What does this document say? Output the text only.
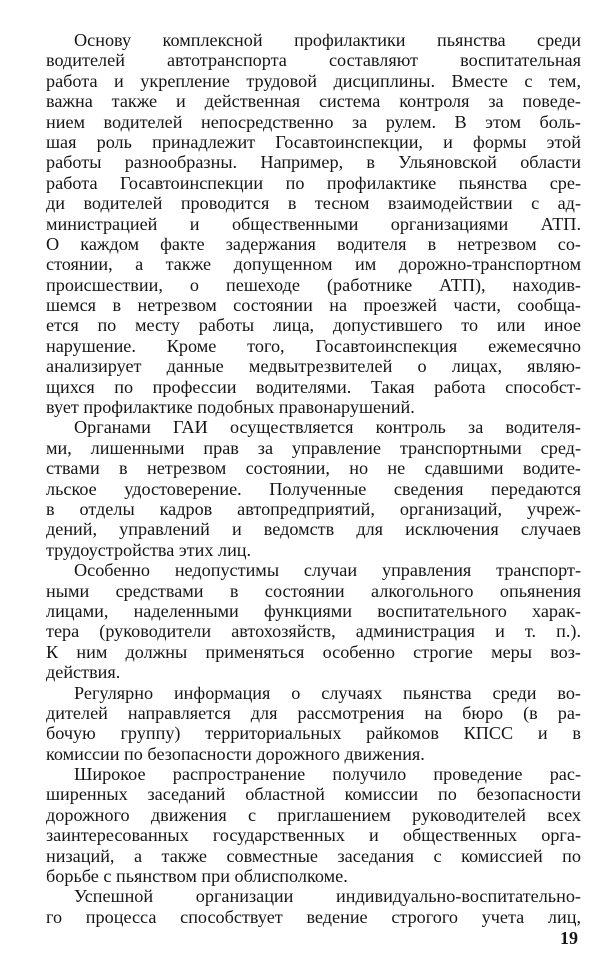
Основу комплексной профилактики пьянства среди
водителей автотранспорта составляют воспитательная
работа и укрепление трудовой дисциплины. Вместе с тем,
важна также и действенная система контроля за поведе-
нием водителей непосредственно за рулем. В этом боль-
шая роль принадлежит Госавтоинспекции, и формы этой
работы разнообразны. Например, в Ульяновской области
работа Госавтоинспекции по профилактике пьянства сре-
ди водителей проводится в тесном взаимодействии с ад-
министрацией и общественными организациями АТП.
О каждом факте задержания водителя в нетрезвом со-
стоянии, а также допущенном им дорожно-транспортном
происшествии, о пешеходе (работнике АТП), находив-
шемся в нетрезвом состоянии на проезжей части, сообща-
ется по месту работы лица, допустившего то или иное
нарушение. Кроме того, Госавтоинспекция ежемесячно
анализирует данные медвытрезвителей о лицах, являю-
щихся по профессии водителями. Такая работа способст-
вует профилактике подобных правонарушений.
Органами ГАИ осуществляется контроль за водителя-
ми, лишенными прав за управление транспортными сред-
ствами в нетрезвом состоянии, но не сдавшими водите-
льское удостоверение. Полученные сведения передаются
в отделы кадров автопредприятий, организаций, учреж-
дений, управлений и ведомств для исключения случаев
трудоустройства этих лиц.
Особенно недопустимы случаи управления транспорт-
ными средствами в состоянии алкогольного опьянения
лицами, наделенными функциями воспитательного харак-
тера (руководители автохозяйств, администрация и т. п.).
К ним должны применяться особенно строгие меры воз-
действия.
Регулярно информация о случаях пьянства среди во-
дителей направляется для рассмотрения на бюро (в ра-
бочую группу) территориальных райкомов КПСС и в
комиссии по безопасности дорожного движения.
Широкое распространение получило проведение рас-
ширенных заседаний областной комиссии по безопасности
дорожного движения с приглашением руководителей всех
заинтересованных государственных и общественных орга-
низаций, а также совместные заседания с комиссией по
борьбе с пьянством при облисполкоме.
Успешной организации индивидуально-воспитательно-
го процесса способствует ведение строгого учета лиц,
19
